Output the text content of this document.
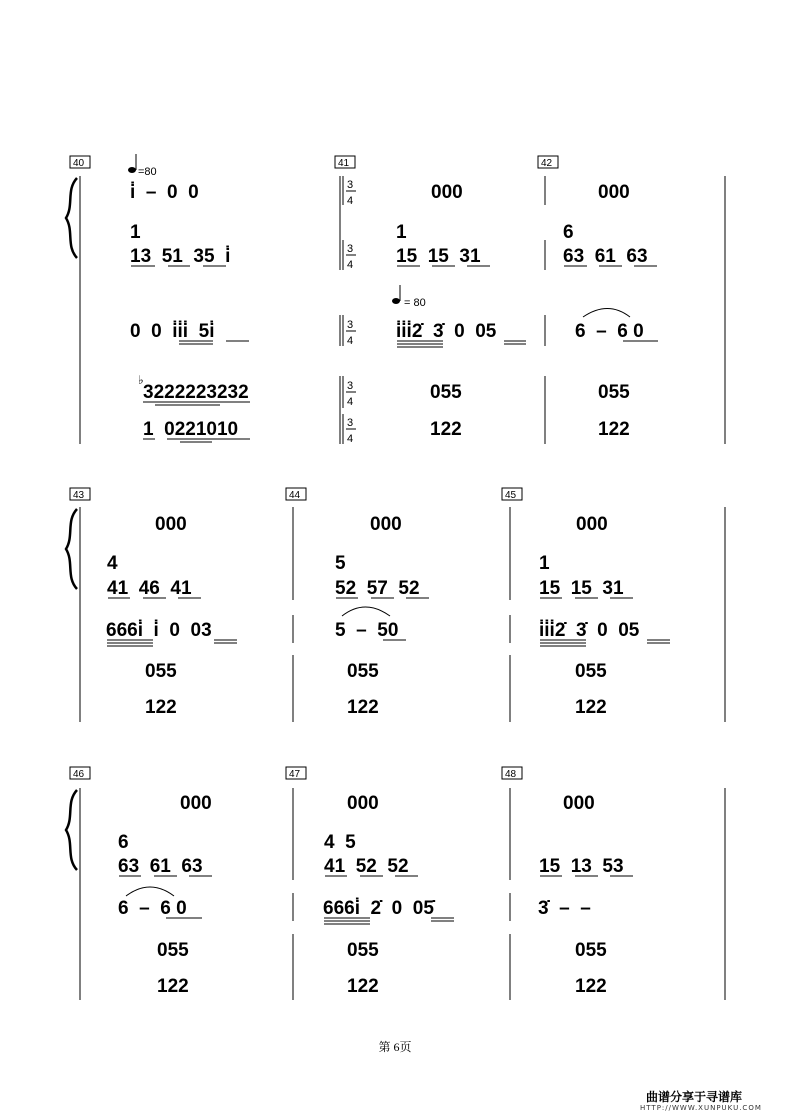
40	41	42
=80
= 80
3
4
3
4
3
4
3
4
3
4
i̇  –  0  0
1
13  51  35  i̇
0  0  i̇i̇i̇  5i̇
♭
3222223232
1  0221010
000
1
15  15  31
i̇i̇i̇2̇  3̇  0  05
055
122
000
6
63  61  63
6  –  6 0
055
122
43	44	45
000
4
41  46  41
666i̇  i̇  0  03
055
122
000
5
52  57  52
5  –  50
055
122
000
1
15  15  31
i̇i̇i̇2̇  3̇  0  05
055
122
46	47	48
000
6
63  61  63
6  –  6 0
055
122
000
4  5
41  52  52
666i̇  2̇  0  05̇
055
122
000
15  13  53
3̇  –  –
055
122
第 6页
曲谱分享于寻谱库
HTTP://WWW.XUNPUKU.COM
